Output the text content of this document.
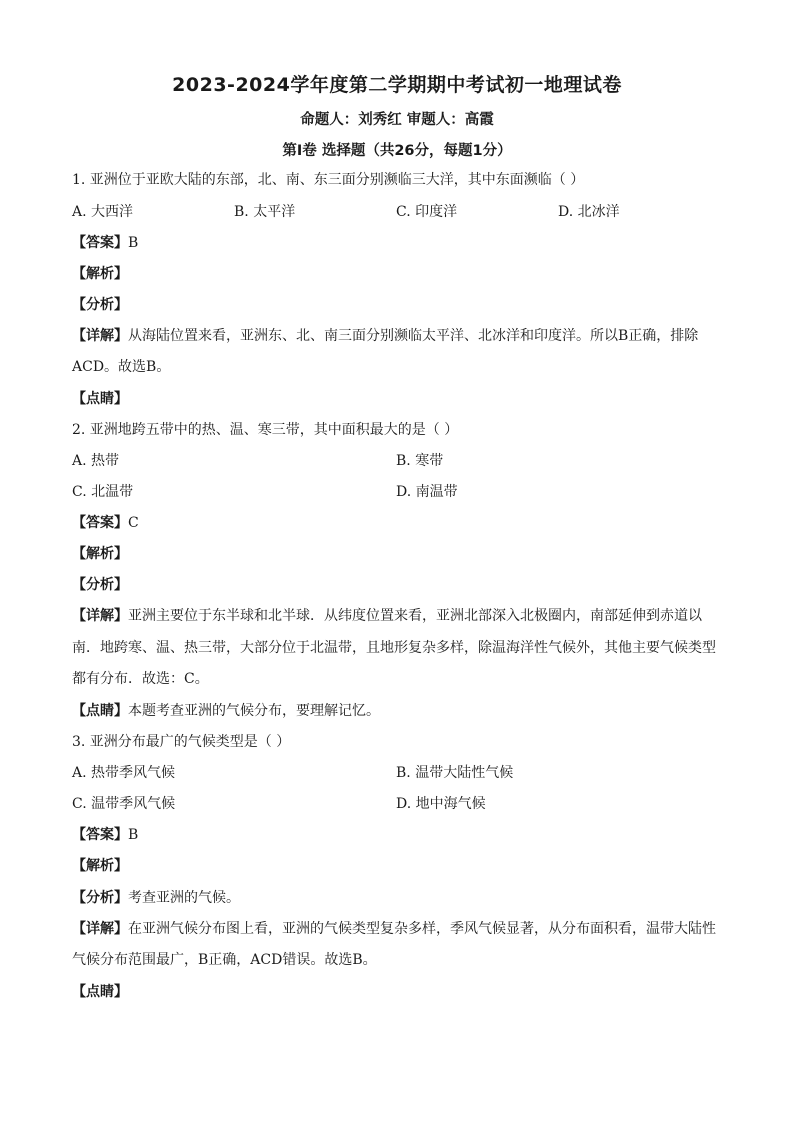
2023-2024学年度第二学期期中考试初一地理试卷
命题人：刘秀红 审题人：高霞
第Ⅰ卷 选择题（共26分，每题1分）
1. 亚洲位于亚欧大陆的东部，北、南、东三面分别濒临三大洋，其中东面濒临（ ）
A. 大西洋	B. 太平洋	C. 印度洋	D. 北冰洋
【答案】B
【解析】
【分析】
【详解】从海陆位置来看，亚洲东、北、南三面分别濒临太平洋、北冰洋和印度洋。所以B正确，排除
ACD。故选B。
【点睛】
2. 亚洲地跨五带中的热、温、寒三带，其中面积最大的是（ ）
A. 热带	B. 寒带
C. 北温带	D. 南温带
【答案】C
【解析】
【分析】
【详解】亚洲主要位于东半球和北半球．从纬度位置来看，亚洲北部深入北极圈内，南部延伸到赤道以
南．地跨寒、温、热三带，大部分位于北温带，且地形复杂多样，除温海洋性气候外，其他主要气候类型
都有分布．故选：C。
【点睛】本题考查亚洲的气候分布，要理解记忆。
3. 亚洲分布最广的气候类型是（ ）
A. 热带季风气候	B. 温带大陆性气候
C. 温带季风气候	D. 地中海气候
【答案】B
【解析】
【分析】考查亚洲的气候。
【详解】在亚洲气候分布图上看，亚洲的气候类型复杂多样，季风气候显著，从分布面积看，温带大陆性
气候分布范围最广，B正确，ACD错误。故选B。
【点睛】
